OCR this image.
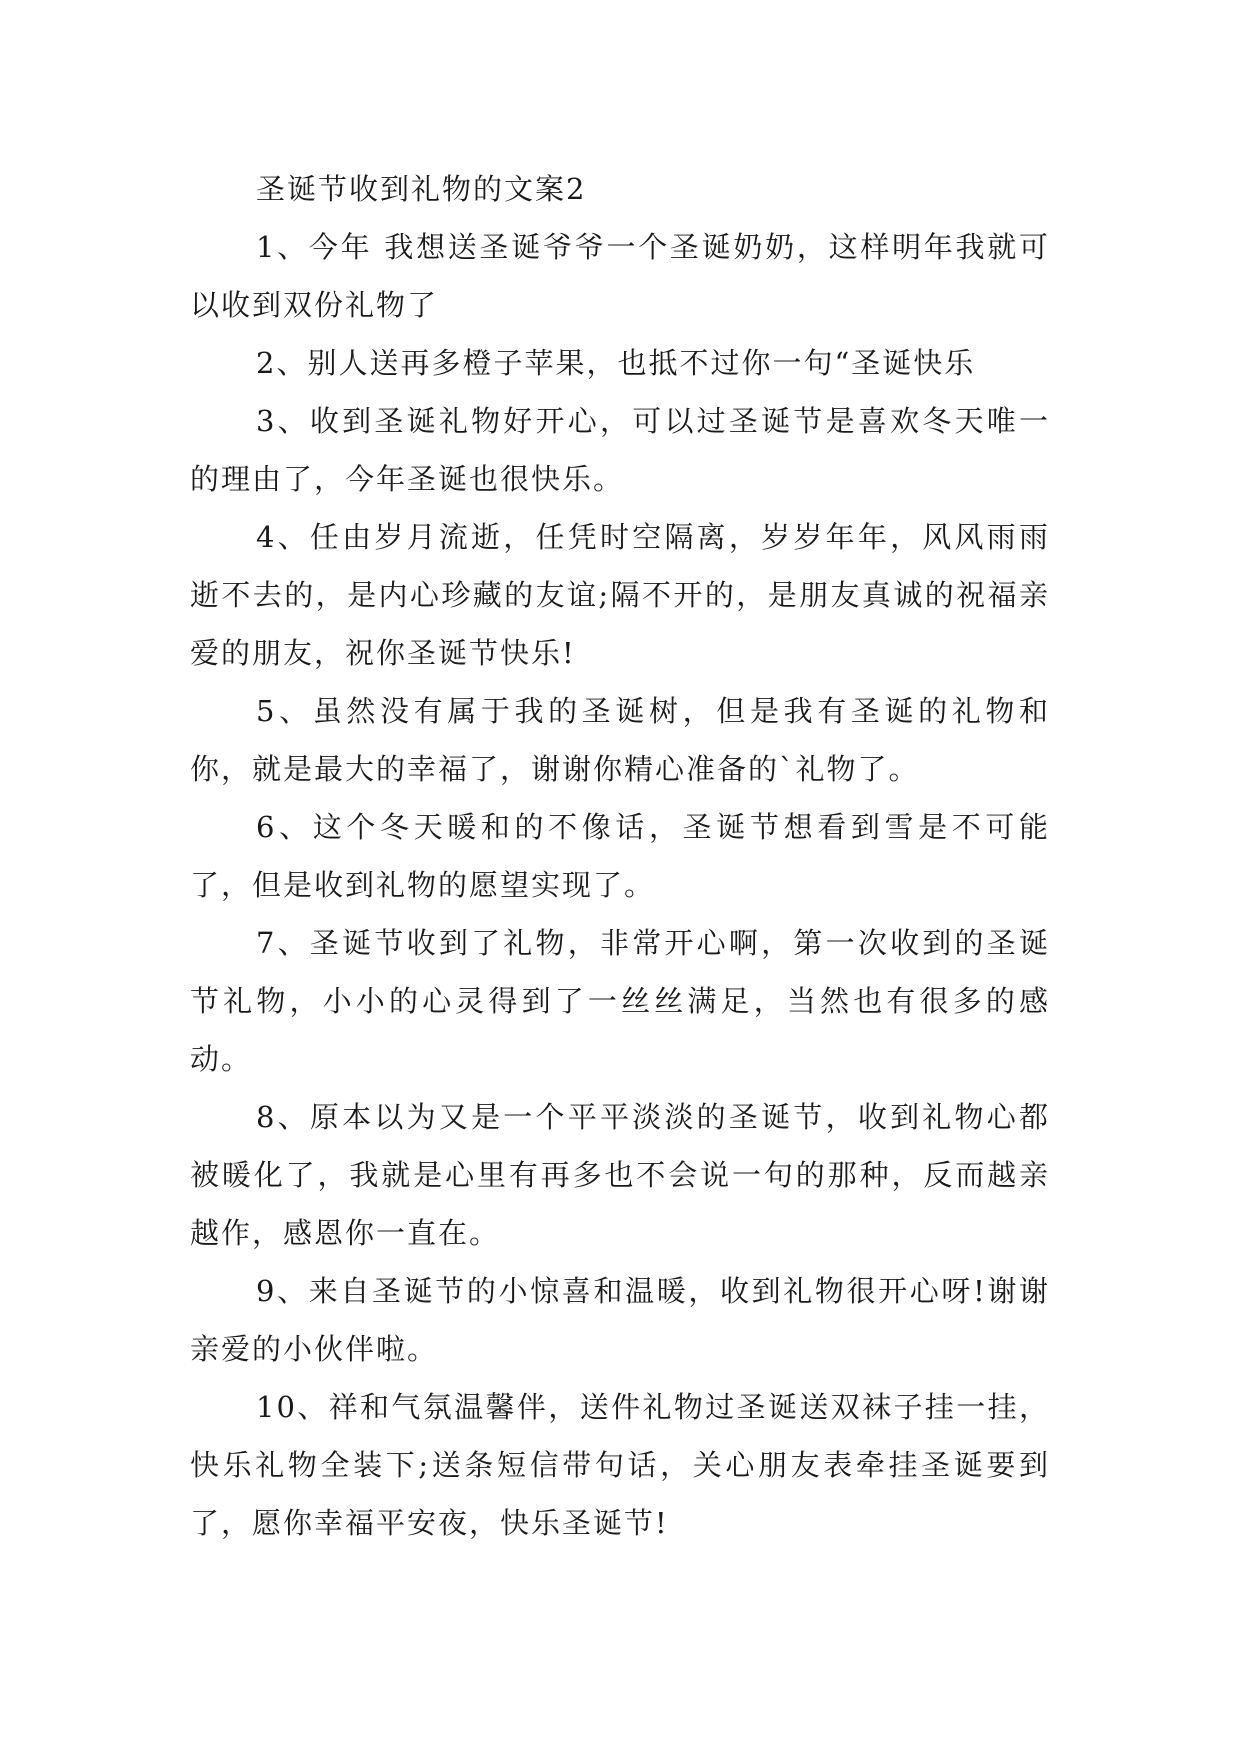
圣诞节收到礼物的文案2

1、今年 我想送圣诞爷爷一个圣诞奶奶，这样明年我就可以收到双份礼物了

2、别人送再多橙子苹果，也抵不过你一句“圣诞快乐

3、收到圣诞礼物好开心，可以过圣诞节是喜欢冬天唯一的理由了，今年圣诞也很快乐。

4、任由岁月流逝，任凭时空隔离，岁岁年年，风风雨雨逝不去的，是内心珍藏的友谊;隔不开的，是朋友真诚的祝福亲爱的朋友，祝你圣诞节快乐!

5、虽然没有属于我的圣诞树，但是我有圣诞的礼物和你，就是最大的幸福了，谢谢你精心准备的`礼物了。

6、这个冬天暖和的不像话，圣诞节想看到雪是不可能了，但是收到礼物的愿望实现了。

7、圣诞节收到了礼物，非常开心啊，第一次收到的圣诞节礼物，小小的心灵得到了一丝丝满足，当然也有很多的感动。

8、原本以为又是一个平平淡淡的圣诞节，收到礼物心都被暖化了，我就是心里有再多也不会说一句的那种，反而越亲越作，感恩你一直在。

9、来自圣诞节的小惊喜和温暖，收到礼物很开心呀!谢谢亲爱的小伙伴啦。

10、祥和气氛温馨伴，送件礼物过圣诞送双袜子挂一挂，快乐礼物全装下;送条短信带句话，关心朋友表牵挂圣诞要到了，愿你幸福平安夜，快乐圣诞节!
